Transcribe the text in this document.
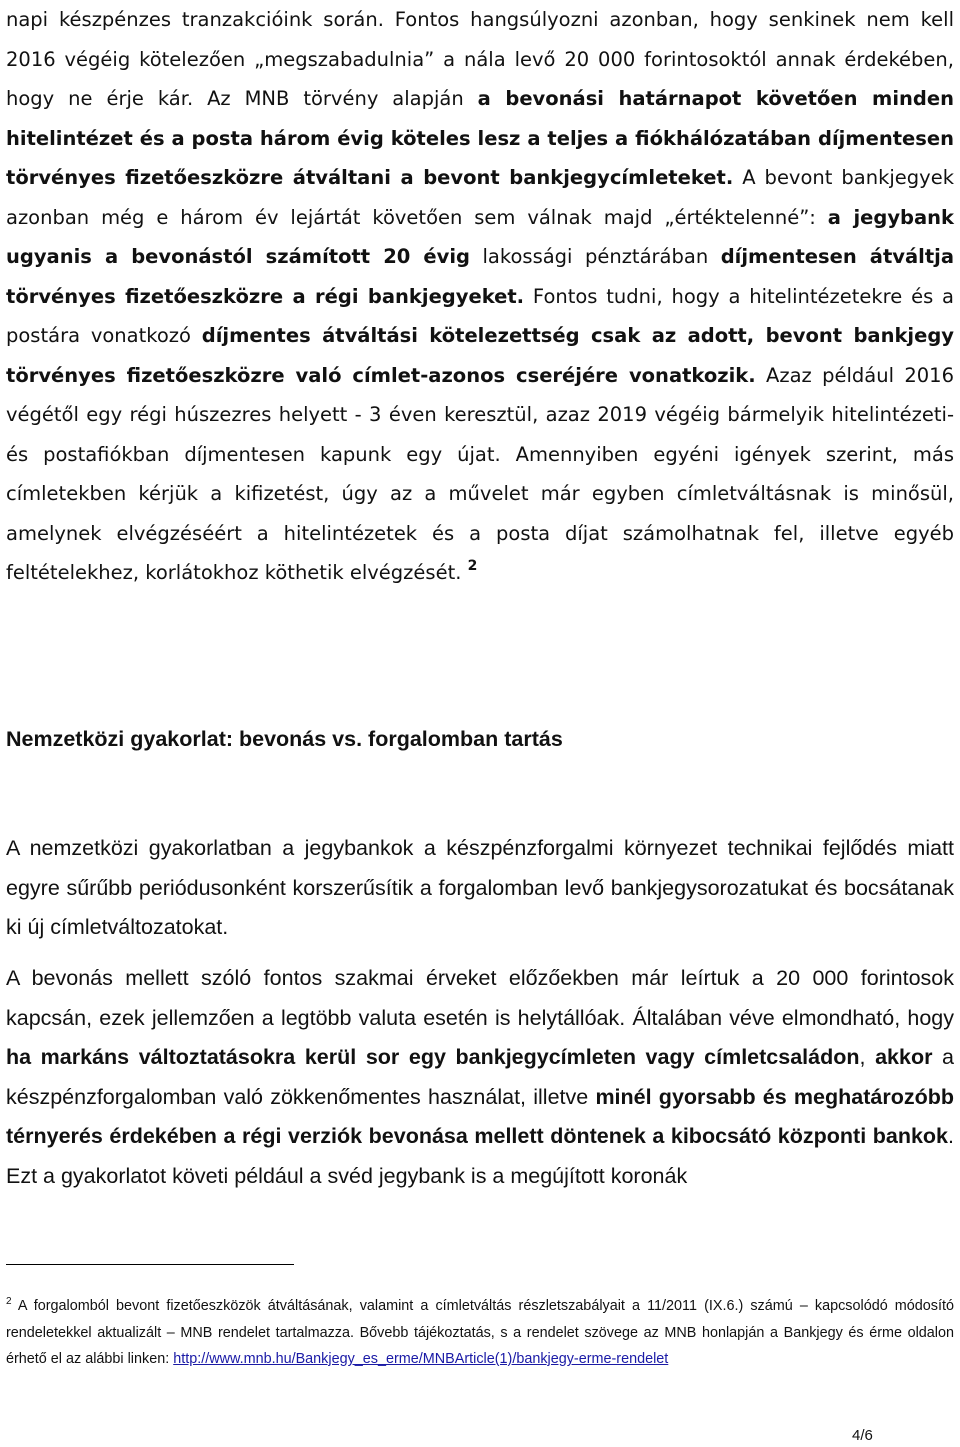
napi készpénzes tranzakcióink során. Fontos hangsúlyozni azonban, hogy senkinek nem kell 2016 végéig kötelezően „megszabadulnia” a nála levő 20 000 forintosoktól annak érdekében, hogy ne érje kár. Az MNB törvény alapján a bevonási határnapot követően minden hitelintézet és a posta három évig köteles lesz a teljes a fiókhálózatában díjmentesen törvényes fizetőeszközre átváltani a bevont bankjegycímleteket. A bevont bankjegyek azonban még e három év lejártát követően sem válnak majd „értéktelenné”: a jegybank ugyanis a bevonástól számított 20 évig lakossági pénztárában díjmentesen átváltja törvényes fizetőeszközre a régi bankjegyeket. Fontos tudni, hogy a hitelintézetekre és a postára vonatkozó díjmentes átváltási kötelezettség csak az adott, bevont bankjegy törvényes fizetőeszközre való címlet-azonos cseréjére vonatkozik. Azaz például 2016 végétől egy régi húszezres helyett - 3 éven keresztül, azaz 2019 végéig bármelyik hitelintézeti-és postafiókban díjmentesen kapunk egy újat. Amennyiben egyéni igények szerint, más címletekben kérjük a kifizetést, úgy az a művelet már egyben címletváltásnak is minősül, amelynek elvégzéséért a hitelintézetek és a posta díjat számolhatnak fel, illetve egyéb feltételekhez, korlátokhoz köthetik elvégzését. $^2$

Nemzetközi gyakorlat: bevonás vs. forgalomban tartás

A nemzetközi gyakorlatban a jegybankok a készpénzforgalmi környezet technikai fejlődés miatt egyre sűrűbb periódusonként korszerűsítik a forgalomban levő bankjegysorozatukat és bocsátanak ki új címletváltozatokat.

A bevonás mellett szóló fontos szakmai érveket előzőekben már leírtuk a 20 000 forintosok kapcsán, ezek jellemzően a legtöbb valuta esetén is helytállóak. Általában véve elmondható, hogy ha markáns változtatásokra kerül sor egy bankjegycímleten vagy címletcsaládon, akkor a készpénzforgalomban való zökkenőmentes használat, illetve minél gyorsabb és meghatározóbb térnyerés érdekében a régi verziók bevonása mellett döntenek a kibocsátó központi bankok. Ezt a gyakorlatot követi például a svéd jegybank is a megújított koronák

$^2$ A forgalomból bevont fizetőeszközök átváltásának, valamint a címletváltás részletszabályait a 11/2011 (IX.6.) számú – kapcsolódó módosító rendeletekkel aktualizált – MNB rendelet tartalmazza. Bővebb tájékoztatás, s a rendelet szövege az MNB honlapján a Bankjegy és érme oldalon érhető el az alábbi linken: http://www.mnb.hu/Bankjegy_es_erme/MNBArticle(1)/bankjegy-erme-rendelet

4/6
